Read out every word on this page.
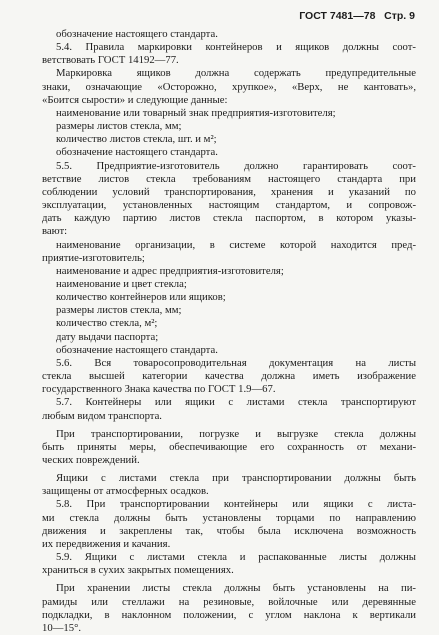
ГОСТ 7481—78 Стр. 9
обозначение настоящего стандарта.
5.4. Правила маркировки контейнеров и ящиков должны соот-
ветствовать ГОСТ 14192—77.
Маркировка ящиков должна содержать предупредительные
знаки, означающие «Осторожно, хрупкое», «Верх, не кантовать»,
«Боится сырости» и следующие данные:
наименование или товарный знак предприятия-изготовителя;
размеры листов стекла, мм;
количество листов стекла, шт. и м²;
обозначение настоящего стандарта.
5.5. Предприятие-изготовитель должно гарантировать соот-
ветствие листов стекла требованиям настоящего стандарта при
соблюдении условий транспортирования, хранения и указаний по
эксплуатации, установленных настоящим стандартом, и сопровож-
дать каждую партию листов стекла паспортом, в котором указы-
вают:
наименование организации, в системе которой находится пред-
приятие-изготовитель;
наименование и адрес предприятия-изготовителя;
наименование и цвет стекла;
количество контейнеров или ящиков;
размеры листов стекла, мм;
количество стекла, м²;
дату выдачи паспорта;
обозначение настоящего стандарта.
5.6. Вся товаросопроводительная документация на листы
стекла высшей категории качества должна иметь изображение
государственного Знака качества по ГОСТ 1.9—67.
5.7. Контейнеры или ящики с листами стекла транспортируют
любым видом транспорта.
При транспортировании, погрузке и выгрузке стекла должны
быть приняты меры, обеспечивающие его сохранность от механи-
ческих повреждений.
Ящики с листами стекла при транспортировании должны быть
защищены от атмосферных осадков.
5.8. При транспортировании контейнеры или ящики с листа-
ми стекла должны быть установлены торцами по направлению
движения и закреплены так, чтобы была исключена возможность
их передвижения и качания.
5.9. Ящики с листами стекла и распакованные листы должны
храниться в сухих закрытых помещениях.
При хранении листы стекла должны быть установлены на пи-
рамиды или стеллажи на резиновые, войлочные или деревянные
подкладки, в наклонном положении, с углом наклона к вертикали
10—15°.
